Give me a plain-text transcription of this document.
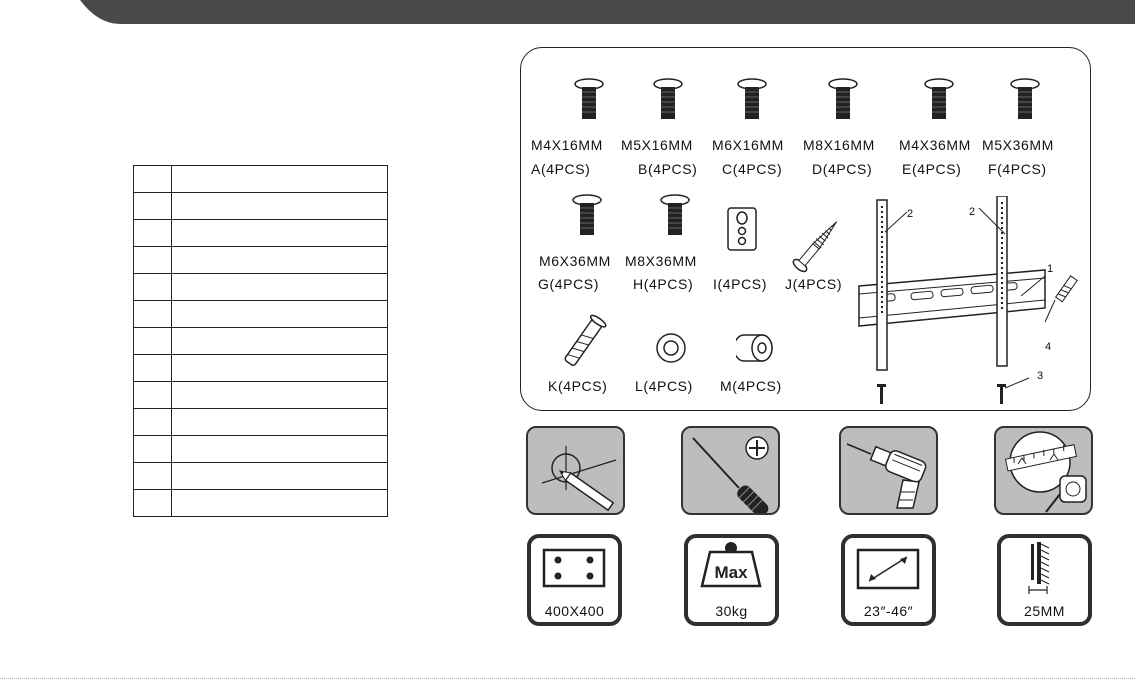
M4X16MM M5X16MM M6X16MM M8X16MM M4X36MM M5X36MM
A(4PCS)	B(4PCS) C(4PCS) D(4PCS) E(4PCS) F(4PCS)
M6X36MM M8X36MM
G(4PCS) H(4PCS) I(4PCS) J(4PCS)
K(4PCS) L(4PCS) M(4PCS)
2	2
1
4
3
400X400
Max
30kg	23″-46″	25MM
